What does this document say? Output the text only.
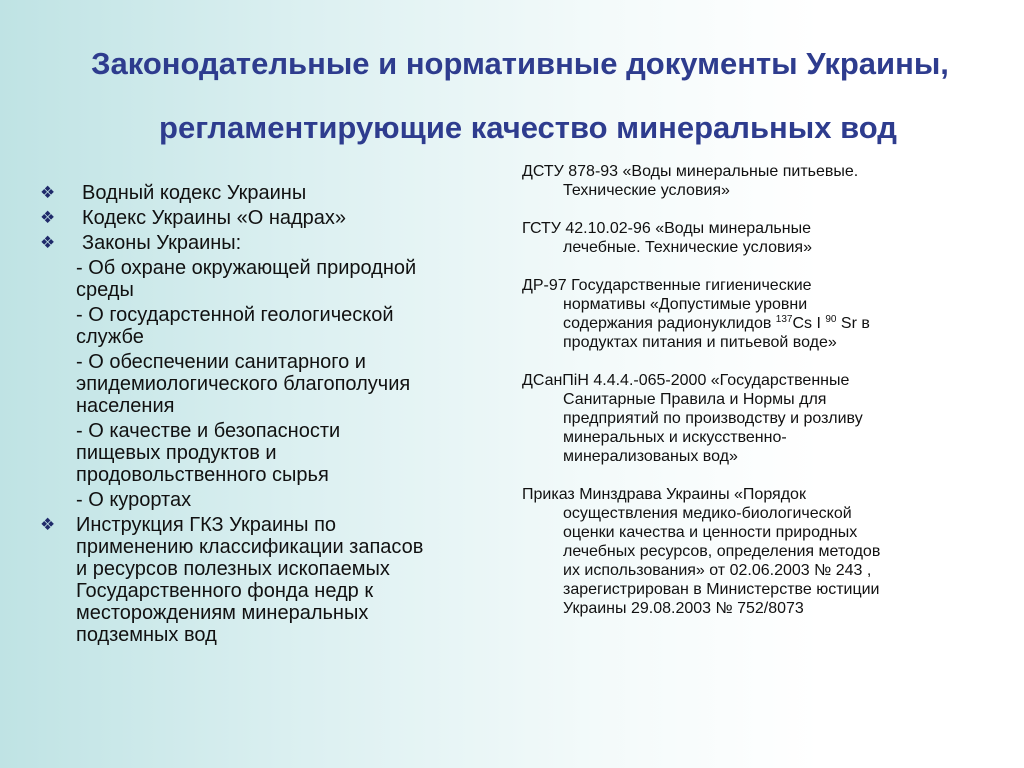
Законодательные и нормативные документы Украины,
регламентирующие качество минеральных вод
❖ Водный кодекс Украины
❖ Кодекс Украины «О надрах»
❖ Законы Украины:
- Об охране окружающей природной
среды
- О государстенной геологической
службе
- О обеспечении санитарного и
эпидемиологического благополучия
населения
- О качестве и безопасности
пищевых продуктов и
продовольственного сырья
- О курортах
❖ Инструкция ГКЗ Украины по
применению классификации запасов
и ресурсов полезных ископаемых
Государственного фонда недр к
месторождениям минеральных
подземных вод
ДСТУ 878-93 «Воды минеральные питьевые.
Технические условия»
ГСТУ 42.10.02-96 «Воды минеральные
лечебные. Технические условия»
ДР-97 Государственные гигиенические
нормативы «Допустимые уровни
содержания радионуклидов $^{137}$Cs I $^{90}$ Sr в
продуктах питания и питьевой воде»
ДСанПіН 4.4.4.-065-2000 «Государственные
Санитарные Правила и Нормы для
предприятий по производству и розливу
минеральных и искусственно-
минерализованых вод»
Приказ Минздрава Украины «Порядок
осуществления медико-биологической
оценки качества и ценности природных
лечебных ресурсов, определения методов
их использования» от 02.06.2003 № 243 ,
зарегистрирован в Министерстве юстиции
Украины 29.08.2003 № 752/8073
